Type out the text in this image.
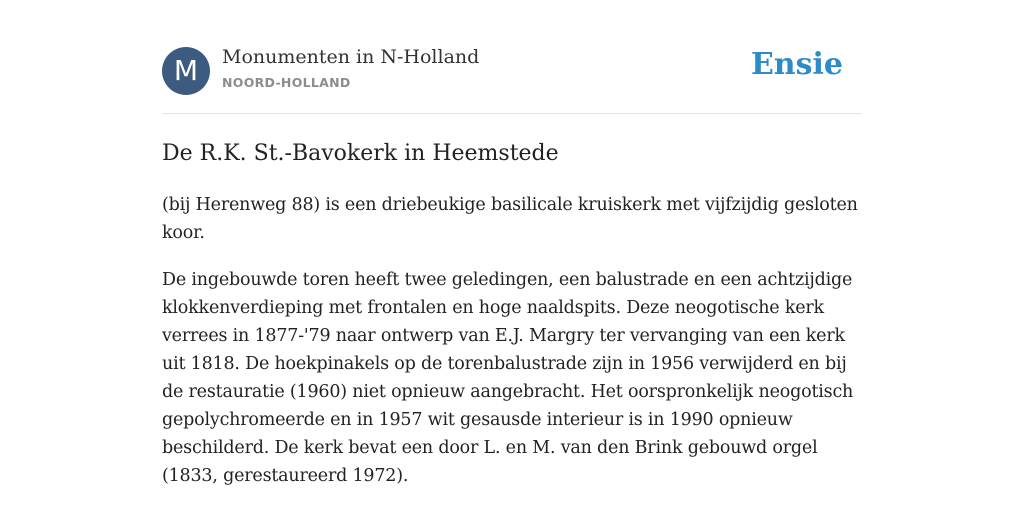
M	Monumenten in N-Holland
NOORD-HOLLAND
Ensie
De R.K. St.-Bavokerk in Heemstede

(bij Herenweg 88) is een driebeukige basilicale kruiskerk met vijfzijdig gesloten koor.

De ingebouwde toren heeft twee geledingen, een balustrade en een achtzijdige klokkenverdieping met frontalen en hoge naaldspits. Deze neogotische kerk verrees in 1877-'79 naar ontwerp van E.J. Margry ter vervanging van een kerk uit 1818. De hoekpinakels op de torenbalustrade zijn in 1956 verwijderd en bij de restauratie (1960) niet opnieuw aangebracht. Het oorspronkelijk neogotisch gepolychromeerde en in 1957 wit gesausde interieur is in 1990 opnieuw beschilderd. De kerk bevat een door L. en M. van den Brink gebouwd orgel (1833, gerestaureerd 1972).
